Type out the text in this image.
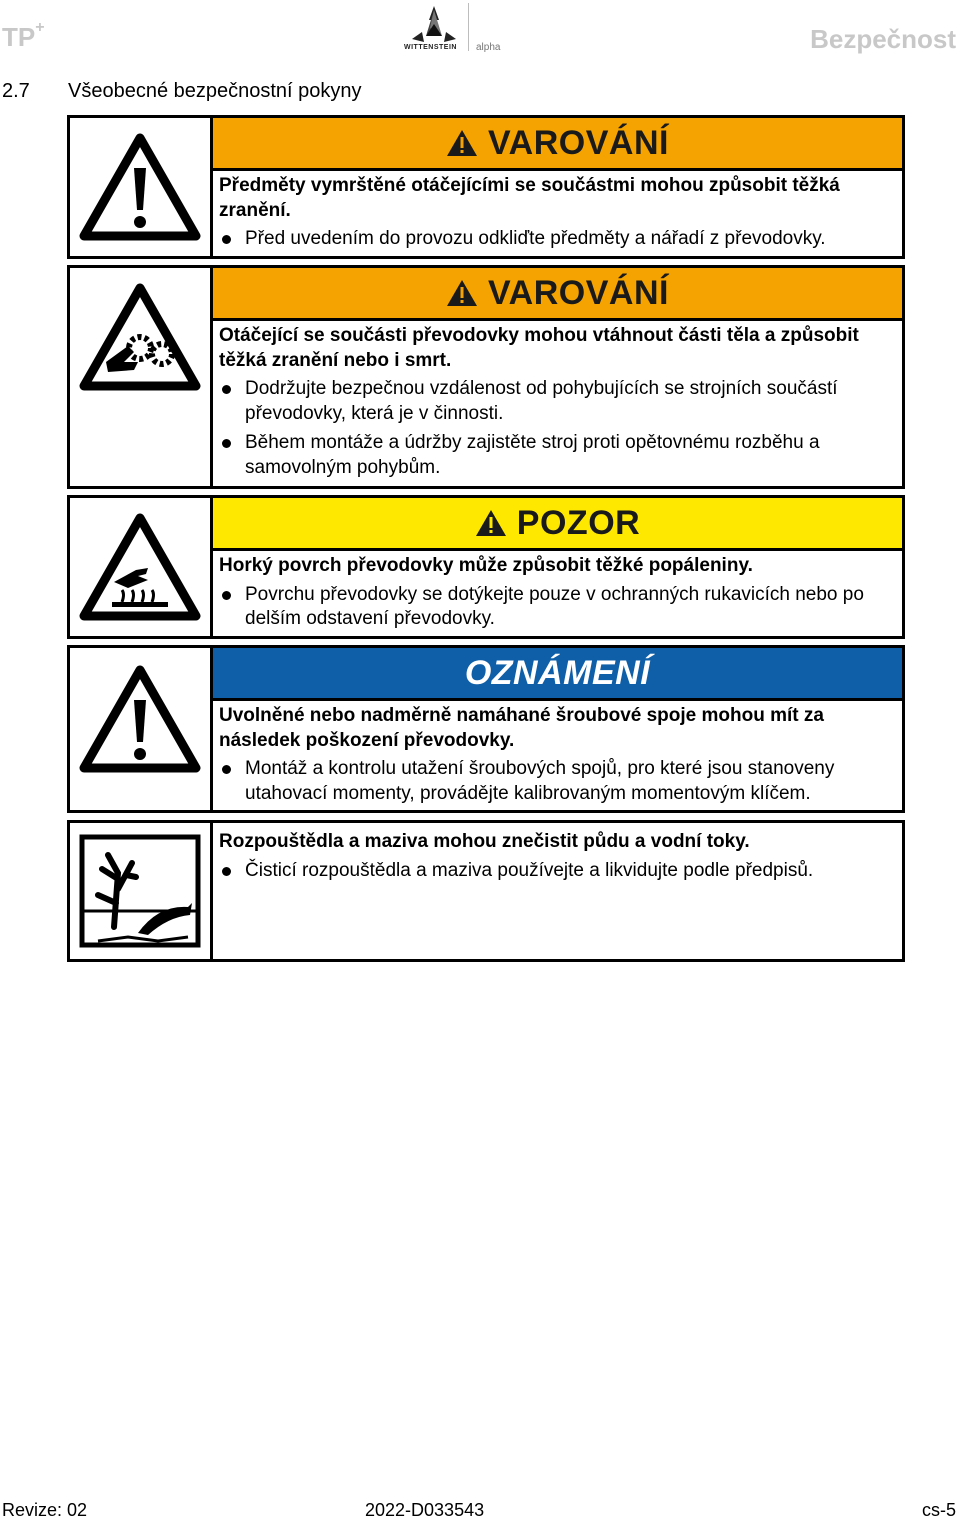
TP+	Bezpečnost
WITTENSTEIN alpha
2.7 Všeobecné bezpečnostní pokyny
VAROVÁNÍ
Předměty vymrštěné otáčejícími se součástmi mohou způsobit těžká zranění.
Před uvedením do provozu odkliďte předměty a nářadí z převodovky.
VAROVÁNÍ
Otáčející se součásti převodovky mohou vtáhnout části těla a způsobit těžká zranění nebo i smrt.
Dodržujte bezpečnou vzdálenost od pohybujících se strojních součástí převodovky, která je v činnosti.
Během montáže a údržby zajistěte stroj proti opětovnému rozběhu a samovolným pohybům.
POZOR
Horký povrch převodovky může způsobit těžké popáleniny.
Povrchu převodovky se dotýkejte pouze v ochranných rukavicích nebo po delším odstavení převodovky.
OZNÁMENÍ
Uvolněné nebo nadměrně namáhané šroubové spoje mohou mít za následek poškození převodovky.
Montáž a kontrolu utažení šroubových spojů, pro které jsou stanoveny utahovací momenty, provádějte kalibrovaným momentovým klíčem.
Rozpouštědla a maziva mohou znečistit půdu a vodní toky.
Čisticí rozpouštědla a maziva používejte a likvidujte podle předpisů.
Revize: 02	2022-D033543	cs-5
